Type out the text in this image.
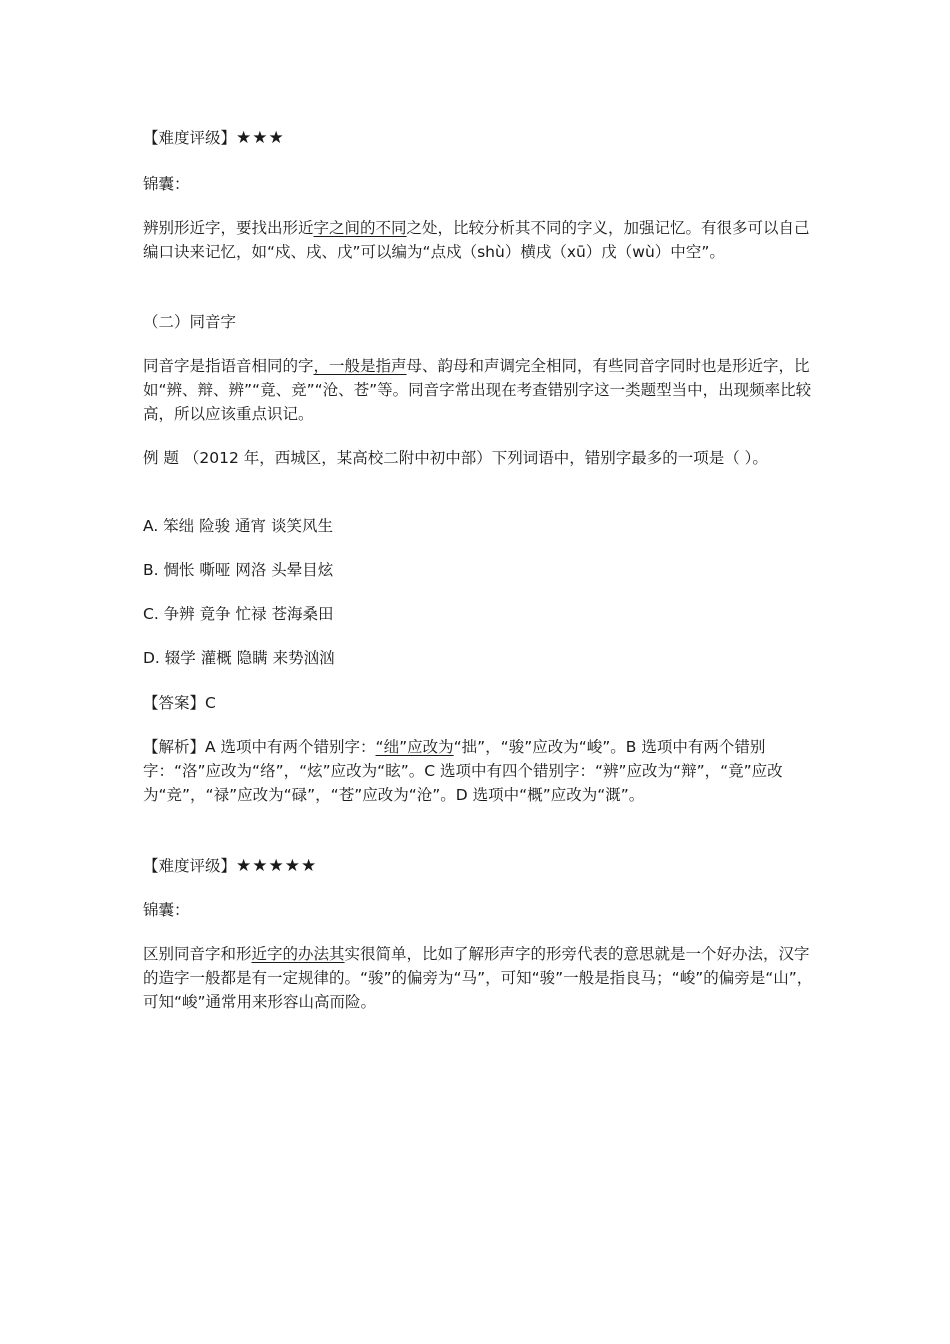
【难度评级】★★★

锦囊：

辨别形近字，要找出形近字之间的不同之处，比较分析其不同的字义，加强记忆。有很多可以自己编口诀来记忆，如“戍、戌、戊”可以编为“点戍（shù）横戌（xū）戊（wù）中空”。

（二）同音字

同音字是指语音相同的字，一般是指声母、韵母和声调完全相同，有些同音字同时也是形近字，比如“辨、辩、辨”“竟、竞”“沧、苍”等。同音字常出现在考查错别字这一类题型当中，出现频率比较高，所以应该重点识记。

例 题 （2012 年，西城区，某高校二附中初中部）下列词语中，错别字最多的一项是（ ）。

A. 笨绌 险骏 通宵 谈笑风生

B. 惆怅 嘶哑 网洛 头晕目炫

C. 争辨 竟争 忙禄 苍海桑田

D. 辍学 灌概 隐瞒 来势汹汹

【答案】C

【解析】A 选项中有两个错别字：“绌”应改为“拙”，“骏”应改为“峻”。B 选项中有两个错别字：“洛”应改为“络”，“炫”应改为“眩”。C 选项中有四个错别字：“辨”应改为“辩”，“竟”应改为“竞”，“禄”应改为“碌”，“苍”应改为“沧”。D 选项中“概”应改为“溉”。

【难度评级】★★★★★

锦囊：

区别同音字和形近字的办法其实很简单，比如了解形声字的形旁代表的意思就是一个好办法，汉字的造字一般都是有一定规律的。“骏”的偏旁为“马”，可知“骏”一般是指良马；“峻”的偏旁是“山”，可知“峻”通常用来形容山高而险。
